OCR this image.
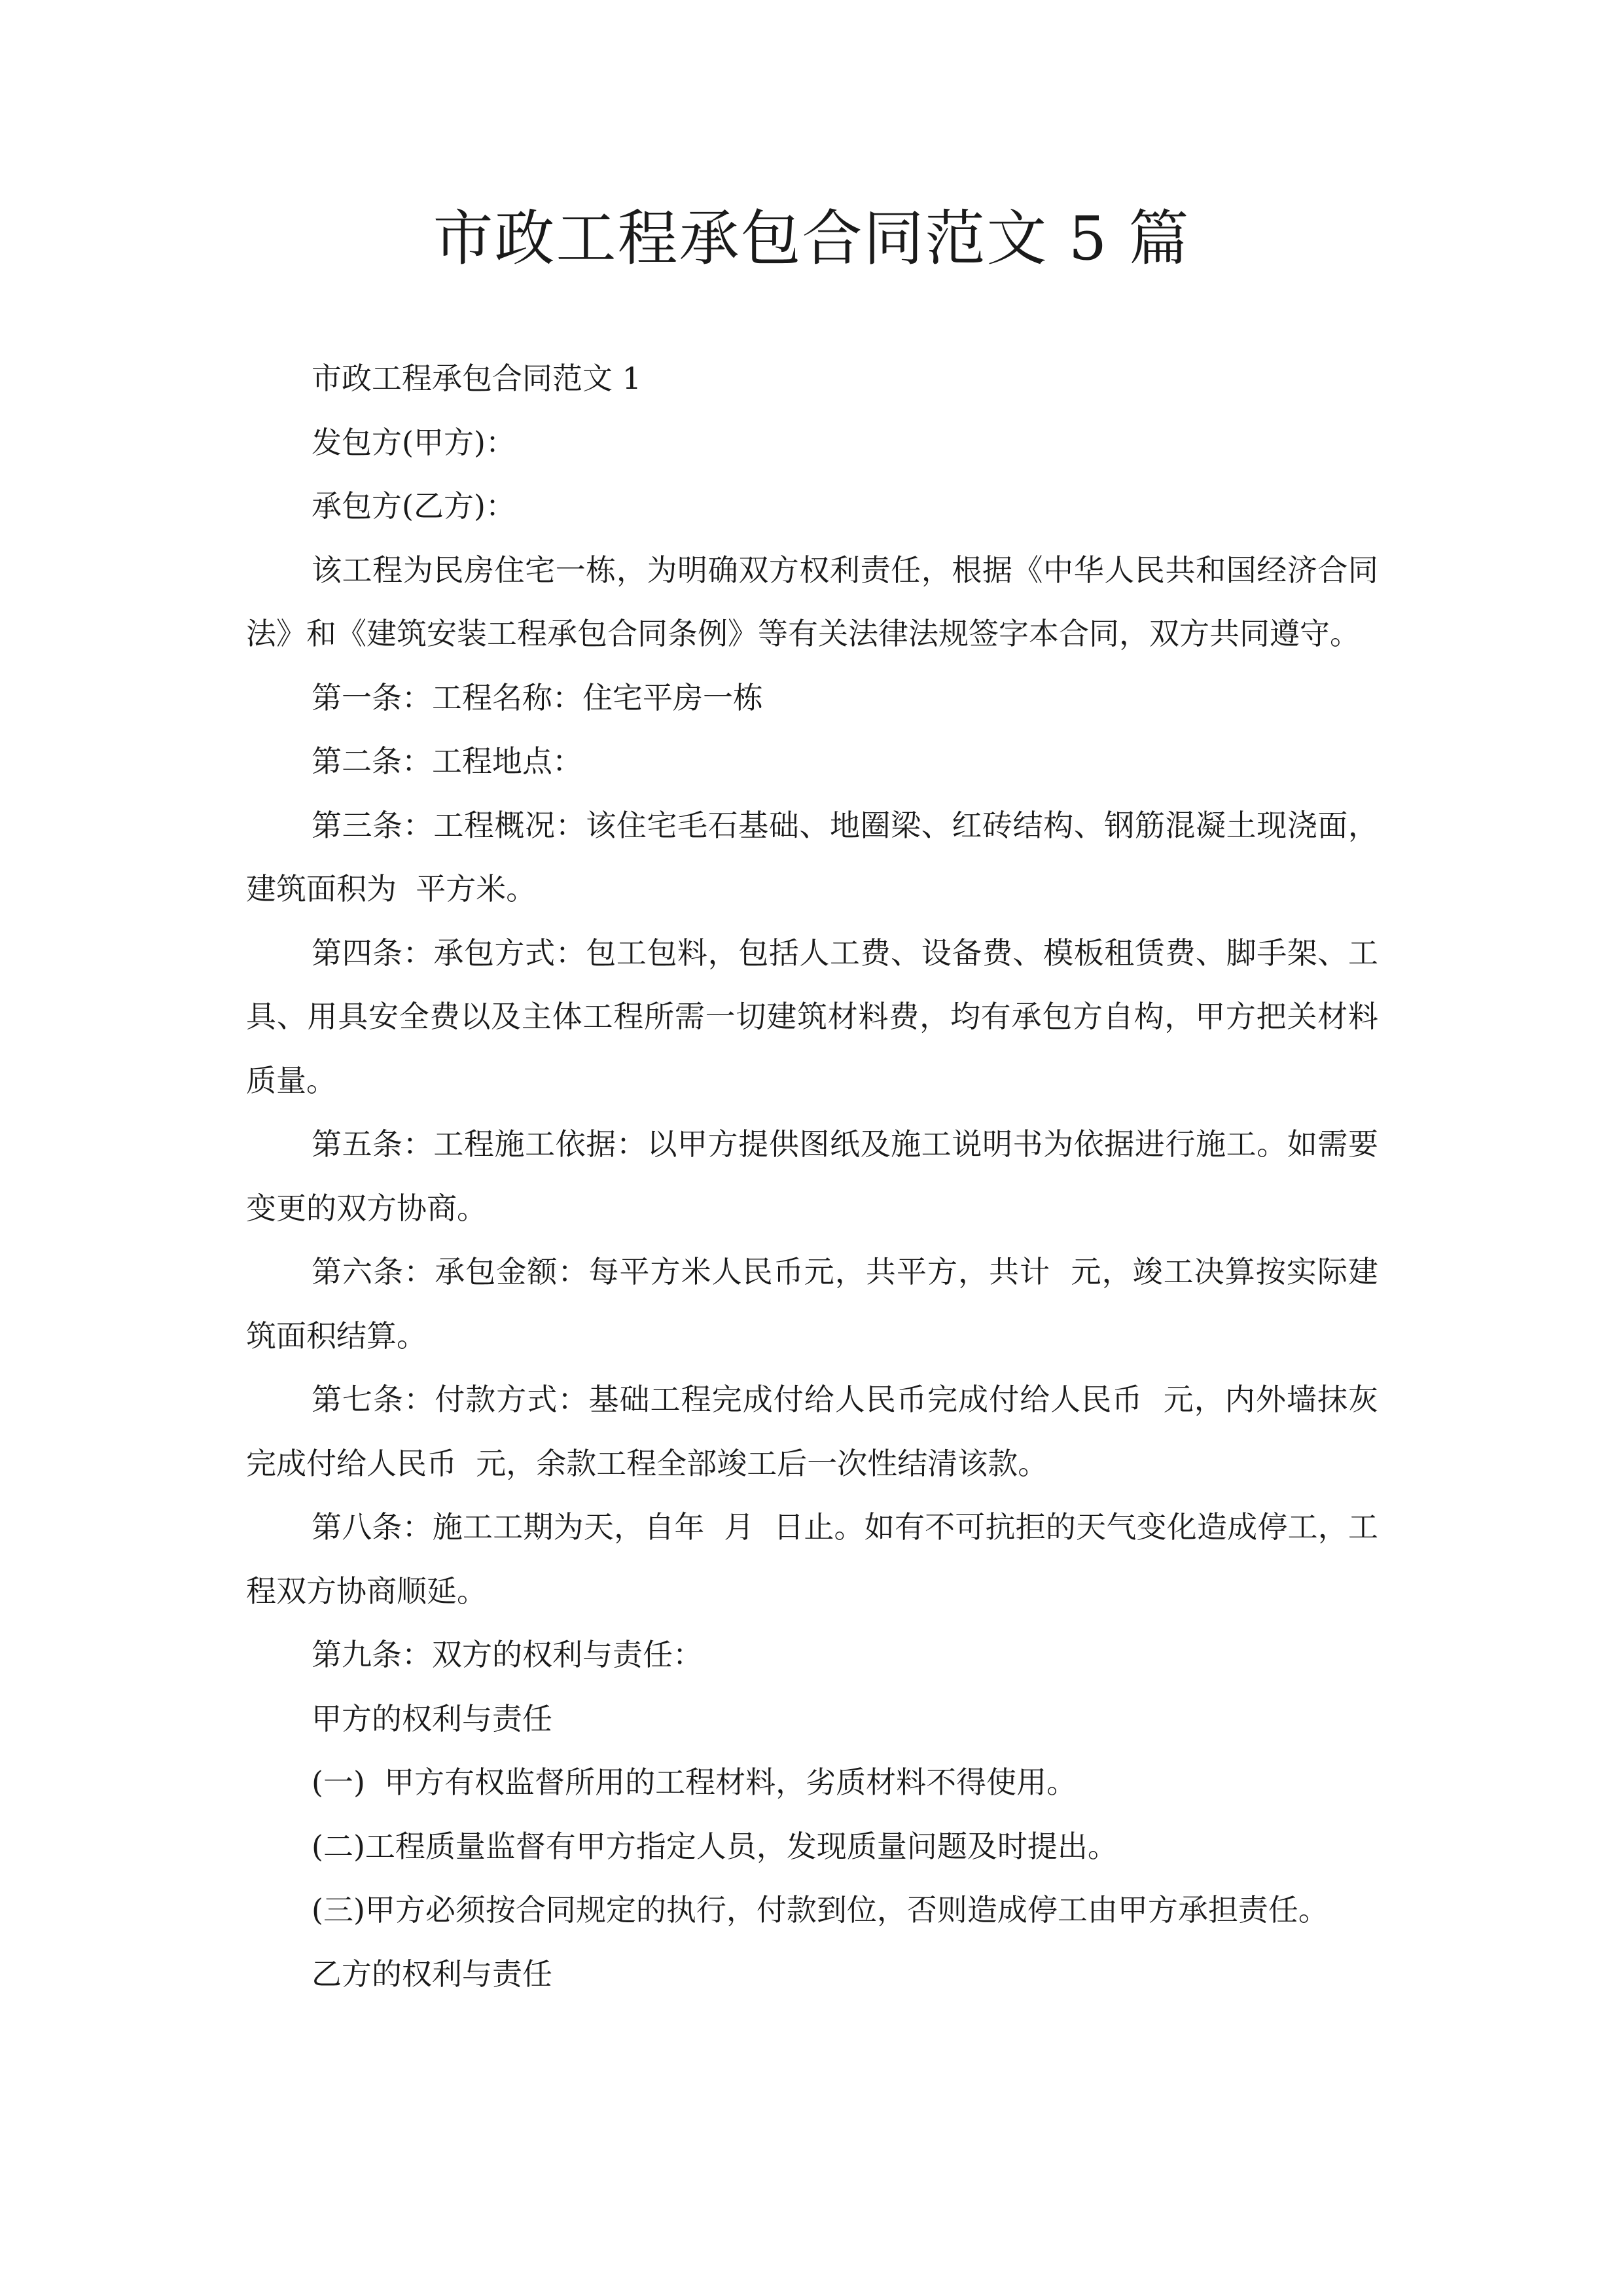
市政工程承包合同范文 5 篇

市政工程承包合同范文 1

发包方(甲方)：

承包方(乙方)：

该工程为民房住宅一栋，为明确双方权利责任，根据《中华人民共和国经济合同法》和《建筑安装工程承包合同条例》等有关法律法规签字本合同，双方共同遵守。

第一条：工程名称：住宅平房一栋

第二条：工程地点：

第三条：工程概况：该住宅毛石基础、地圈梁、红砖结构、钢筋混凝土现浇面，建筑面积为  平方米。

第四条：承包方式：包工包料，包括人工费、设备费、模板租赁费、脚手架、工具、用具安全费以及主体工程所需一切建筑材料费，均有承包方自构，甲方把关材料质量。

第五条：工程施工依据：以甲方提供图纸及施工说明书为依据进行施工。如需要变更的双方协商。

第六条：承包金额：每平方米人民币元，共平方，共计  元，竣工决算按实际建筑面积结算。

第七条：付款方式：基础工程完成付给人民币完成付给人民币  元，内外墙抹灰完成付给人民币  元，余款工程全部竣工后一次性结清该款。

第八条：施工工期为天，自年  月  日止。如有不可抗拒的天气变化造成停工，工程双方协商顺延。

第九条：双方的权利与责任：

甲方的权利与责任

(一)  甲方有权监督所用的工程材料，劣质材料不得使用。

(二)工程质量监督有甲方指定人员，发现质量问题及时提出。

(三)甲方必须按合同规定的执行，付款到位，否则造成停工由甲方承担责任。

乙方的权利与责任
